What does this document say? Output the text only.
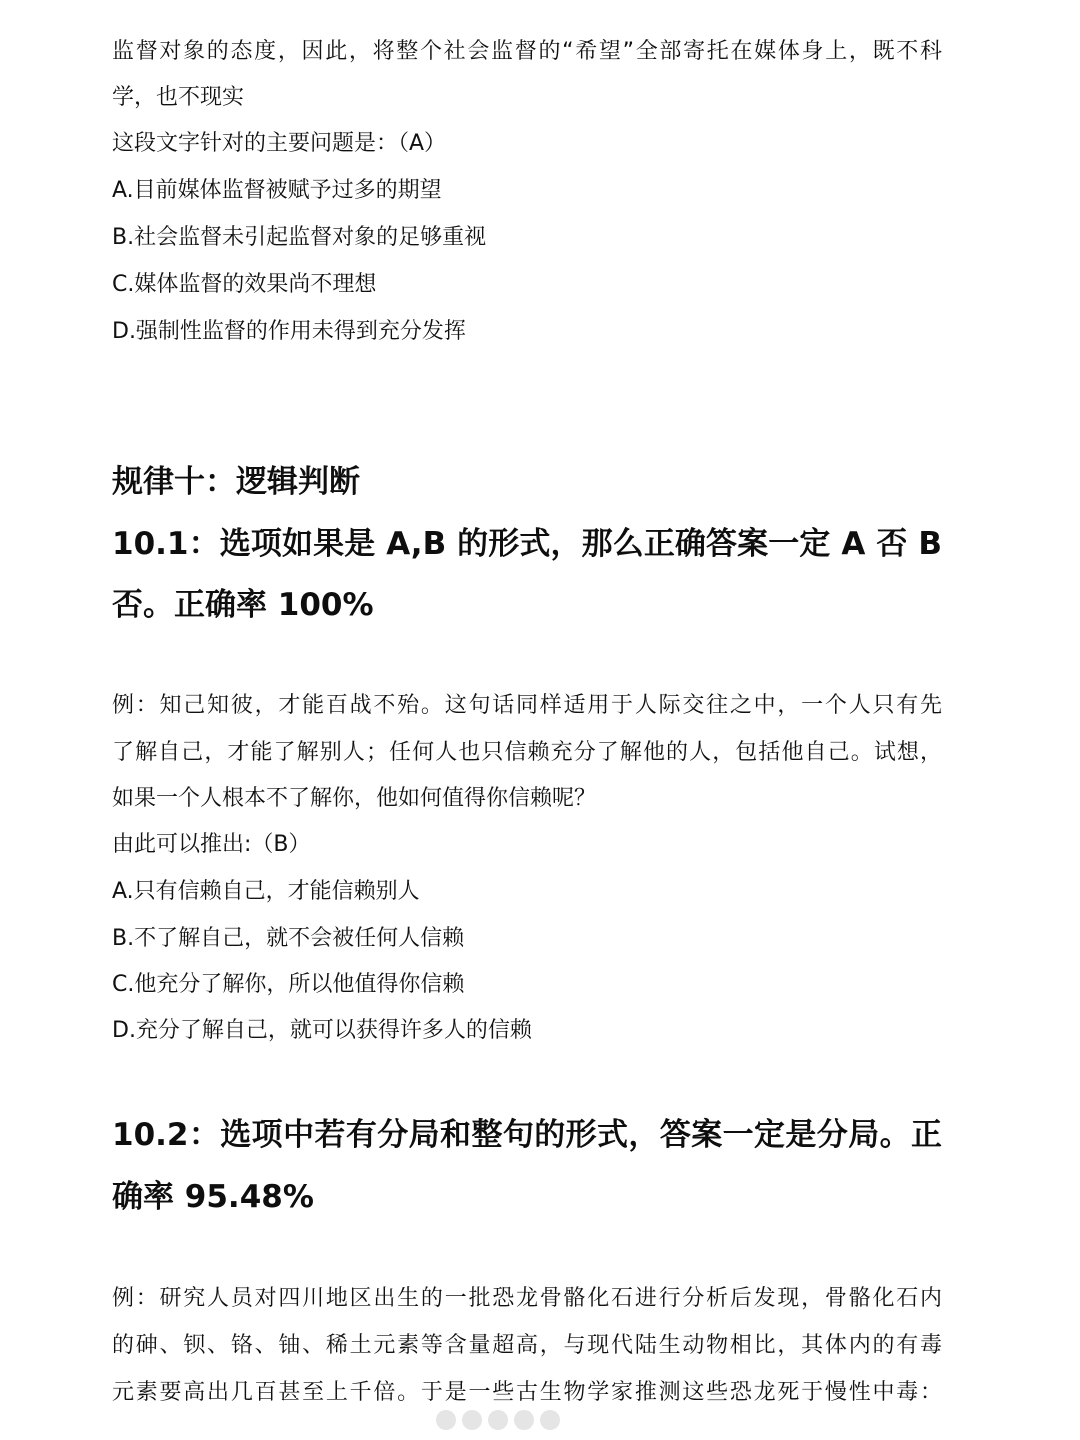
监督对象的态度，因此，将整个社会监督的“希望”全部寄托在媒体身上，既不科
学，也不现实
这段文字针对的主要问题是：（A）
A.目前媒体监督被赋予过多的期望
B.社会监督未引起监督对象的足够重视
C.媒体监督的效果尚不理想
D.强制性监督的作用未得到充分发挥
规律十：逻辑判断
10.1：选项如果是 A,B 的形式，那么正确答案一定 A 否 B
否。正确率 100%
例：知己知彼，才能百战不殆。这句话同样适用于人际交往之中，一个人只有先
了解自己，才能了解别人；任何人也只信赖充分了解他的人，包括他自己。试想，
如果一个人根本不了解你，他如何值得你信赖呢？
由此可以推出:（B）
A.只有信赖自己，才能信赖别人
B.不了解自己，就不会被任何人信赖
C.他充分了解你，所以他值得你信赖
D.充分了解自己，就可以获得许多人的信赖
10.2：选项中若有分局和整句的形式，答案一定是分局。正
确率 95.48%
例：研究人员对四川地区出生的一批恐龙骨骼化石进行分析后发现，骨骼化石内
的砷、钡、铬、铀、稀土元素等含量超高，与现代陆生动物相比，其体内的有毒
元素要高出几百甚至上千倍。于是一些古生物学家推测这些恐龙死于慢性中毒：
